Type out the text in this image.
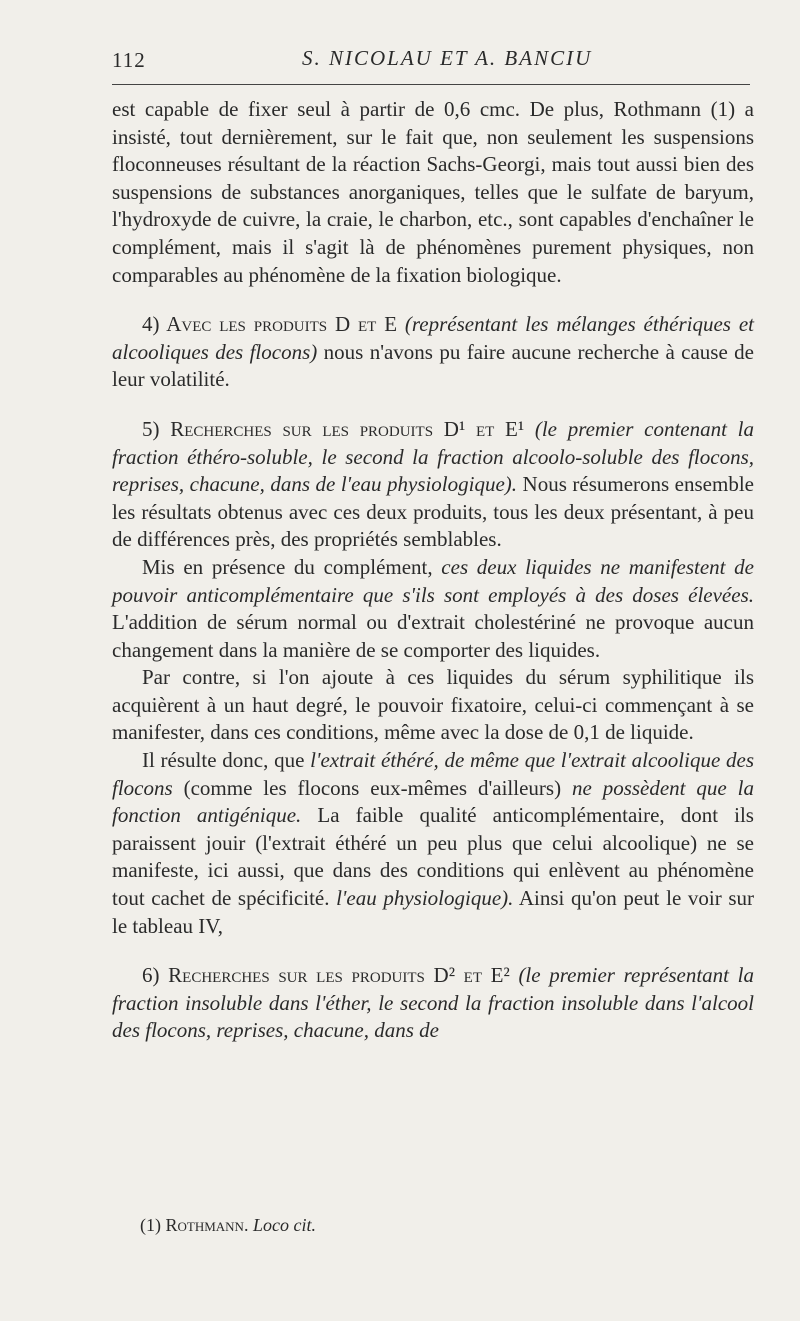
112	S. NICOLAU ET A. BANCIU

est capable de fixer seul à partir de 0,6 cmc. De plus, Rothmann (1) a insisté, tout dernièrement, sur le fait que, non seulement les suspensions floconneuses résultant de la réaction Sachs-Georgi, mais tout aussi bien des suspensions de substances anorganiques, telles que le sulfate de baryum, l'hydroxyde de cuivre, la craie, le charbon, etc., sont capables d'enchaîner le complément, mais il s'agit là de phénomènes purement physiques, non comparables au phénomène de la fixation biologique.

4) Avec les produits D et E (représentant les mélanges éthériques et alcooliques des flocons) nous n'avons pu faire aucune recherche à cause de leur volatilité.

5) Recherches sur les produits D¹ et E¹ (le premier contenant la fraction éthéro-soluble, le second la fraction alcoolo-soluble des flocons, reprises, chacune, dans de l'eau physiologique). Nous résumerons ensemble les résultats obtenus avec ces deux produits, tous les deux présentant, à peu de différences près, des propriétés semblables.

Mis en présence du complément, ces deux liquides ne manifestent de pouvoir anticomplémentaire que s'ils sont employés à des doses élevées. L'addition de sérum normal ou d'extrait cholestériné ne provoque aucun changement dans la manière de se comporter des liquides.

Par contre, si l'on ajoute à ces liquides du sérum syphilitique ils acquièrent à un haut degré, le pouvoir fixatoire, celui-ci commençant à se manifester, dans ces conditions, même avec la dose de 0,1 de liquide.

Il résulte donc, que l'extrait éthéré, de même que l'extrait alcoolique des flocons (comme les flocons eux-mêmes d'ailleurs) ne possèdent que la fonction antigénique. La faible qualité anticomplémentaire, dont ils paraissent jouir (l'extrait éthéré un peu plus que celui alcoolique) ne se manifeste, ici aussi, que dans des conditions qui enlèvent au phénomène tout cachet de spécificité. l'eau physiologique). Ainsi qu'on peut le voir sur le tableau IV,

6) Recherches sur les produits D² et E² (le premier représentant la fraction insoluble dans l'éther, le second la fraction insoluble dans l'alcool des flocons, reprises, chacune, dans de

(1) Rothmann. Loco cit.
